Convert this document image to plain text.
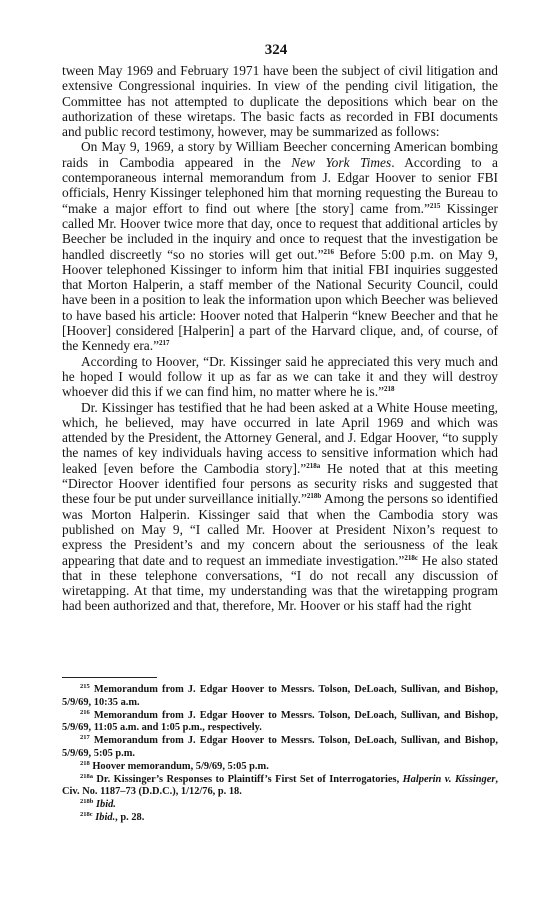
324

tween May 1969 and February 1971 have been the subject of civil litigation and extensive Congressional inquiries. In view of the pending civil litigation, the Committee has not attempted to duplicate the depositions which bear on the authorization of these wiretaps. The basic facts as recorded in FBI documents and public record testimony, however, may be summarized as follows:

On May 9, 1969, a story by William Beecher concerning American bombing raids in Cambodia appeared in the New York Times. According to a contemporaneous internal memorandum from J. Edgar Hoover to senior FBI officials, Henry Kissinger telephoned him that morning requesting the Bureau to “make a major effort to find out where [the story] came from.”$^{215}$ Kissinger called Mr. Hoover twice more that day, once to request that additional articles by Beecher be included in the inquiry and once to request that the investigation be handled discreetly “so no stories will get out.”$^{216}$ Before 5:00 p.m. on May 9, Hoover telephoned Kissinger to inform him that initial FBI inquiries suggested that Morton Halperin, a staff member of the National Security Council, could have been in a position to leak the information upon which Beecher was believed to have based his article: Hoover noted that Halperin “knew Beecher and that he [Hoover] considered [Halperin] a part of the Harvard clique, and, of course, of the Kennedy era.”$^{217}$

According to Hoover, “Dr. Kissinger said he appreciated this very much and he hoped I would follow it up as far as we can take it and they will destroy whoever did this if we can find him, no matter where he is.”$^{218}$

Dr. Kissinger has testified that he had been asked at a White House meeting, which, he believed, may have occurred in late April 1969 and which was attended by the President, the Attorney General, and J. Edgar Hoover, “to supply the names of key individuals having access to sensitive information which had leaked [even before the Cambodia story].”$^{218a}$ He noted that at this meeting “Director Hoover identified four persons as security risks and suggested that these four be put under surveillance initially.”$^{218b}$ Among the persons so identified was Morton Halperin. Kissinger said that when the Cambodia story was published on May 9, “I called Mr. Hoover at President Nixon’s request to express the President’s and my concern about the seriousness of the leak appearing that date and to request an immediate investigation.”$^{218c}$ He also stated that in these telephone conversations, “I do not recall any discussion of wiretapping. At that time, my understanding was that the wiretapping program had been authorized and that, therefore, Mr. Hoover or his staff had the right

$^{215}$ Memorandum from J. Edgar Hoover to Messrs. Tolson, DeLoach, Sullivan, and Bishop, 5/9/69, 10:35 a.m.

$^{216}$ Memorandum from J. Edgar Hoover to Messrs. Tolson, DeLoach, Sullivan, and Bishop, 5/9/69, 11:05 a.m. and 1:05 p.m., respectively.

$^{217}$ Memorandum from J. Edgar Hoover to Messrs. Tolson, DeLoach, Sullivan, and Bishop, 5/9/69, 5:05 p.m.

$^{218}$ Hoover memorandum, 5/9/69, 5:05 p.m.

$^{218a}$ Dr. Kissinger’s Responses to Plaintiff’s First Set of Interrogatories, Halperin v. Kissinger, Civ. No. 1187–73 (D.D.C.), 1/12/76, p. 18.

$^{218b}$ Ibid.

$^{218c}$ Ibid., p. 28.
